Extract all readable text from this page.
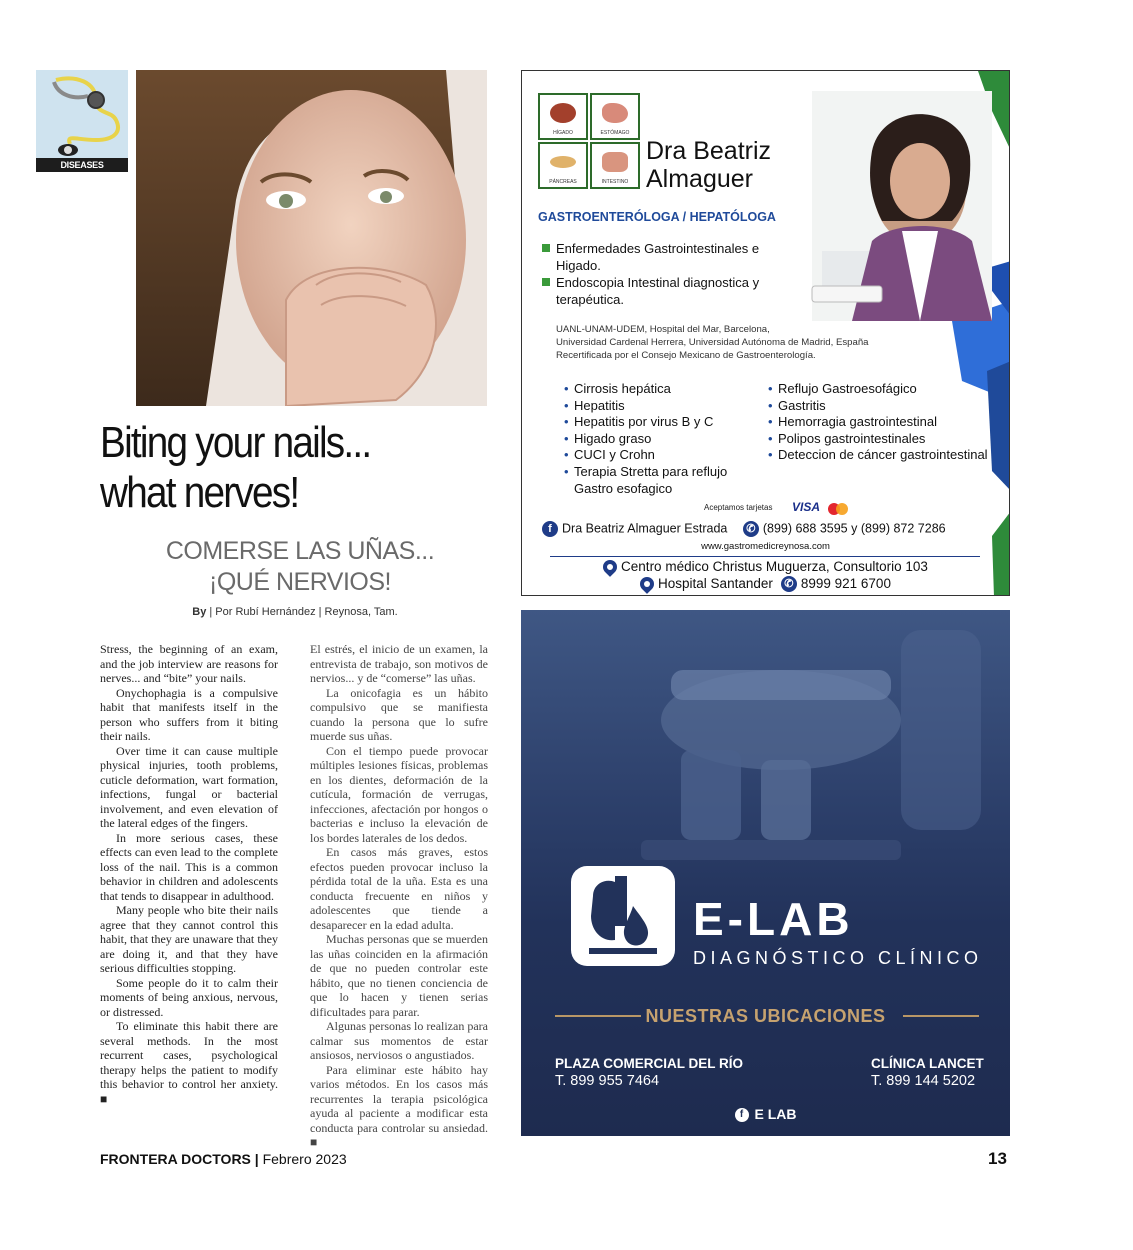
DISEASES
Biting your nails...
what nerves!
COMERSE LAS UÑAS...
¡QUÉ NERVIOS!
By | Por Rubí Hernández | Reynosa, Tam.

Stress, the beginning of an exam, and the job interview are reasons for nerves... and “bite” your nails.

Onychophagia is a compulsive habit that manifests itself in the person who suffers from it biting their nails.

Over time it can cause multiple physical injuries, tooth problems, cuticle deformation, wart formation, infections, fungal or bacterial involvement, and even elevation of the lateral edges of the fingers.

In more serious cases, these effects can even lead to the complete loss of the nail. This is a common behavior in children and adolescents that tends to disappear in adulthood.

Many people who bite their nails agree that they cannot control this habit, that they are unaware that they are doing it, and that they have serious difficulties stopping.

Some people do it to calm their moments of being anxious, nervous, or distressed.

To eliminate this habit there are several methods. In the most recurrent cases, psychological therapy helps the patient to modify this behavior to control her anxiety. ■

El estrés, el inicio de un examen, la entrevista de trabajo, son motivos de nervios... y de “comerse” las uñas.

La onicofagia es un hábito compulsivo que se manifiesta cuando la persona que lo sufre muerde sus uñas.

Con el tiempo puede provocar múltiples lesiones físicas, problemas en los dientes, deformación de la cutícula, formación de verrugas, infecciones, afectación por hongos o bacterias e incluso la elevación de los bordes laterales de los dedos.

En casos más graves, estos efectos pueden provocar incluso la pérdida total de la uña. Esta es una conducta frecuente en niños y adolescentes que tiende a desaparecer en la edad adulta.

Muchas personas que se muerden las uñas coinciden en la afirmación de que no pueden controlar este hábito, que no tienen conciencia de que lo hacen y tienen serias dificultades para parar.

Algunas personas lo realizan para calmar sus momentos de estar ansiosos, nerviosos o angustiados.

Para eliminar este hábito hay varios métodos. En los casos más recurrentes la terapia psicológica ayuda al paciente a modificar esta conducta para controlar su ansiedad. ■

FRONTERA DOCTORS | Febrero 2023	13
HÍGADO	ESTÓMAGO
PÁNCREAS	INTESTINO
Dra Beatriz
Almaguer
GASTROENTERÓLOGA / HEPATÓLOGA
Enfermedades Gastrointestinales e Higado.
Endoscopia Intestinal diagnostica y terapéutica.
UANL-UNAM-UDEM, Hospital del Mar, Barcelona,
Universidad Cardenal Herrera, Universidad Autónoma de Madrid, España
Recertificada por el Consejo Mexicano de Gastroenterología.
• Cirrosis hepática
• Hepatitis
• Hepatitis por virus B y C
• Higado graso
• CUCI y Crohn
• Terapia Stretta para reflujo Gastro esofagico
• Reflujo Gastroesofágico
• Gastritis
• Hemorragia gastrointestinal
• Polipos gastrointestinales
• Deteccion de cáncer gastrointestinal
Aceptamos tarjetas VISA
f Dra Beatriz Almaguer Estrada ✆ (899) 688 3595 y (899) 872 7286
www.gastromedicreynosa.com
Centro médico Christus Muguerza, Consultorio 103
Hospital Santander ✆ 8999 921 6700
E-LAB
DIAGNÓSTICO CLÍNICO
NUESTRAS UBICACIONES
PLAZA COMERCIAL DEL RÍO
T. 899 955 7464
CLÍNICA LANCET
T. 899 144 5202
f E LAB
